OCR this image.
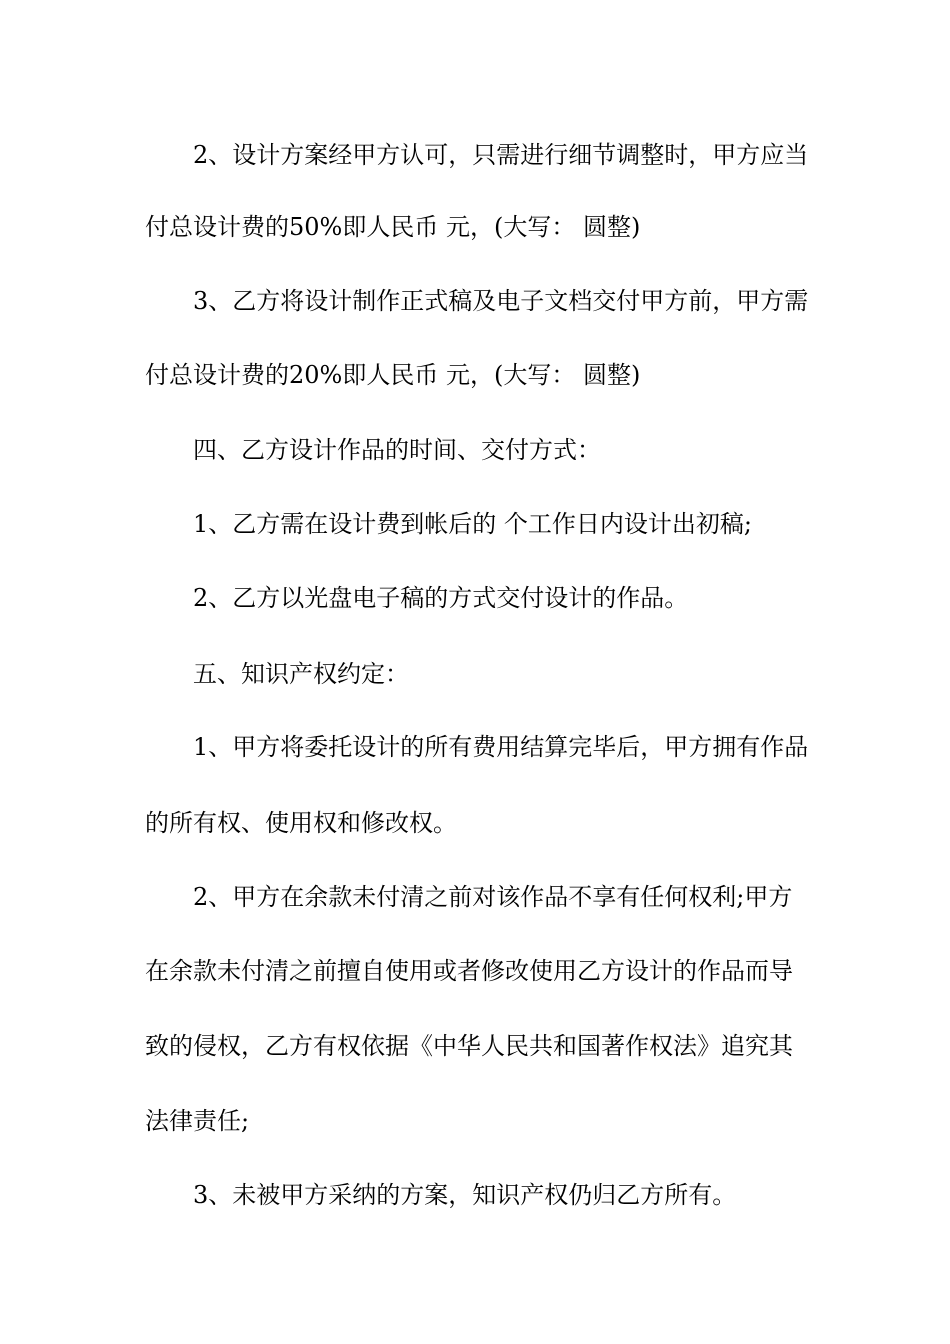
2、设计方案经甲方认可，只需进行细节调整时，甲方应当
付总设计费的50%即人民币 元，(大写： 圆整)
3、乙方将设计制作正式稿及电子文档交付甲方前，甲方需
付总设计费的20%即人民币 元，(大写： 圆整)
四、乙方设计作品的时间、交付方式：
1、乙方需在设计费到帐后的 个工作日内设计出初稿;
2、乙方以光盘电子稿的方式交付设计的作品。
五、知识产权约定：
1、甲方将委托设计的所有费用结算完毕后，甲方拥有作品
的所有权、使用权和修改权。
2、甲方在余款未付清之前对该作品不享有任何权利;甲方
在余款未付清之前擅自使用或者修改使用乙方设计的作品而导
致的侵权，乙方有权依据《中华人民共和国著作权法》追究其
法律责任;
3、未被甲方采纳的方案，知识产权仍归乙方所有。
